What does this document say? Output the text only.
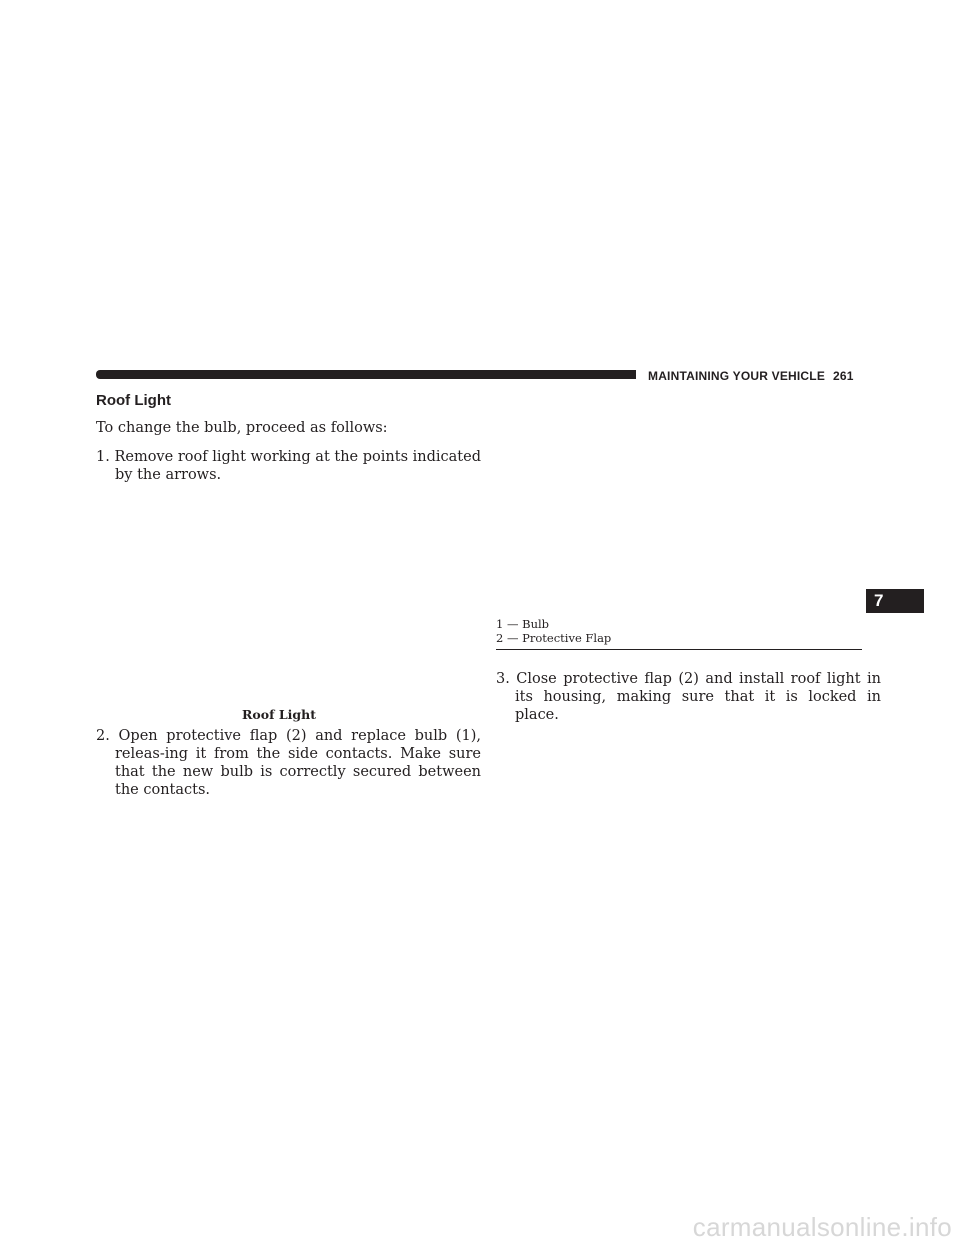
MAINTAINING YOUR VEHICLE 261
Roof Light
To change the bulb, proceed as follows:
1. Remove roof light working at the points indicated by the arrows.
Roof Light
2. Open protective flap (2) and replace bulb (1), releas-ing it from the side contacts. Make sure that the new bulb is correctly secured between the contacts.
1 — Bulb
2 — Protective Flap
3. Close protective flap (2) and install roof light in its housing, making sure that it is locked in place.
7
carmanualsonline.info
